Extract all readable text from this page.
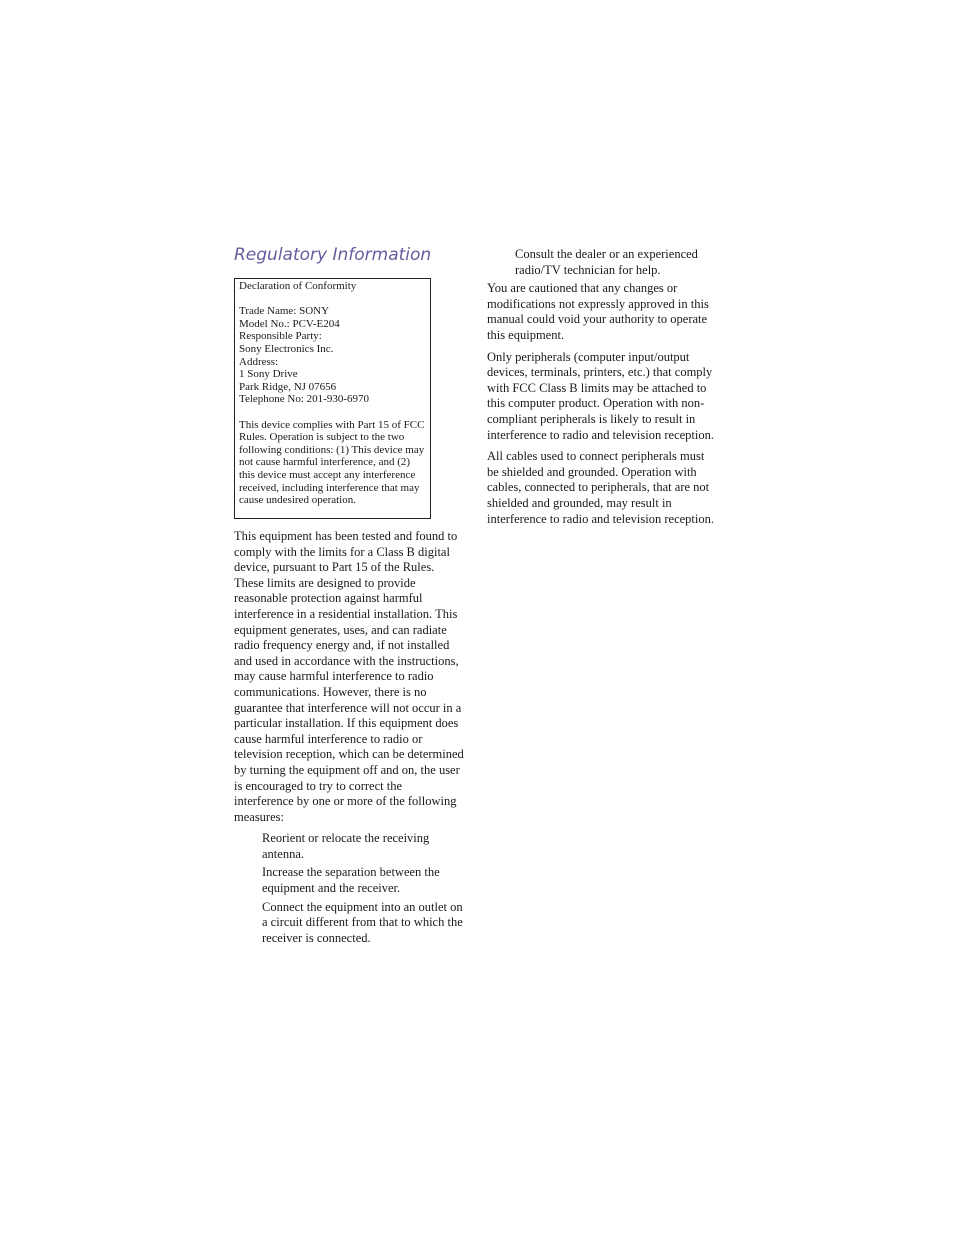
Regulatory Information
Declaration of Conformity
Trade Name: SONY
Model No.: PCV-E204
Responsible Party:
Sony Electronics Inc.
Address:
1 Sony Drive
Park Ridge, NJ 07656
Telephone No: 201-930-6970

This device complies with Part 15 of FCC Rules. Operation is subject to the two following conditions: (1) This device may not cause harmful interference, and (2) this device must accept any interference received, including interference that may cause undesired operation.

This equipment has been tested and found to comply with the limits for a Class B digital device, pursuant to Part 15 of the Rules. These limits are designed to provide reasonable protection against harmful interference in a residential installation. This equipment generates, uses, and can radiate radio frequency energy and, if not installed and used in accordance with the instructions, may cause harmful interference to radio communications. However, there is no guarantee that interference will not occur in a particular installation. If this equipment does cause harmful interference to radio or television reception, which can be determined by turning the equipment off and on, the user is encouraged to try to correct the interference by one or more of the following measures:

Reorient or relocate the receiving antenna.
Increase the separation between the equipment and the receiver.
Connect the equipment into an outlet on a circuit different from that to which the receiver is connected.
Consult the dealer or an experienced radio/TV technician for help.

You are cautioned that any changes or modifications not expressly approved in this manual could void your authority to operate this equipment.

Only peripherals (computer input/output devices, terminals, printers, etc.) that comply with FCC Class B limits may be attached to this computer product. Operation with non-compliant peripherals is likely to result in interference to radio and television reception.

All cables used to connect peripherals must be shielded and grounded. Operation with cables, connected to peripherals, that are not shielded and grounded, may result in interference to radio and television reception.
